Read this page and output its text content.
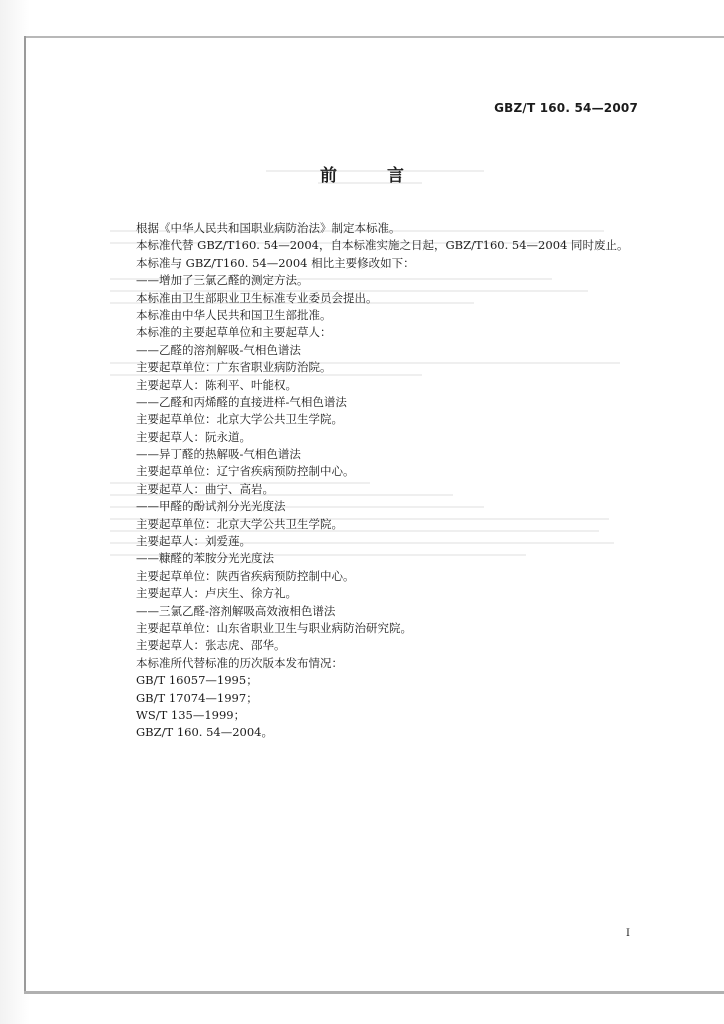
GBZ/T 160. 54—2007
前 言
根据《中华人民共和国职业病防治法》制定本标准。
本标准代替 GBZ/T160. 54—2004，自本标准实施之日起，GBZ/T160. 54—2004 同时废止。
本标准与 GBZ/T160. 54—2004 相比主要修改如下：
——增加了三氯乙醛的测定方法。
本标准由卫生部职业卫生标准专业委员会提出。
本标准由中华人民共和国卫生部批准。
本标准的主要起草单位和主要起草人：
——乙醛的溶剂解吸-气相色谱法
主要起草单位：广东省职业病防治院。
主要起草人：陈利平、叶能权。
——乙醛和丙烯醛的直接进样-气相色谱法
主要起草单位：北京大学公共卫生学院。
主要起草人：阮永道。
——异丁醛的热解吸-气相色谱法
主要起草单位：辽宁省疾病预防控制中心。
主要起草人：曲宁、高岩。
——甲醛的酚试剂分光光度法
主要起草单位：北京大学公共卫生学院。
主要起草人：刘爱莲。
——糠醛的苯胺分光光度法
主要起草单位：陕西省疾病预防控制中心。
主要起草人：卢庆生、徐方礼。
——三氯乙醛-溶剂解吸高效液相色谱法
主要起草单位：山东省职业卫生与职业病防治研究院。
主要起草人：张志虎、邵华。
本标准所代替标准的历次版本发布情况：
GB/T 16057—1995；
GB/T 17074—1997；
WS/T 135—1999；
GBZ/T 160. 54—2004。
I
